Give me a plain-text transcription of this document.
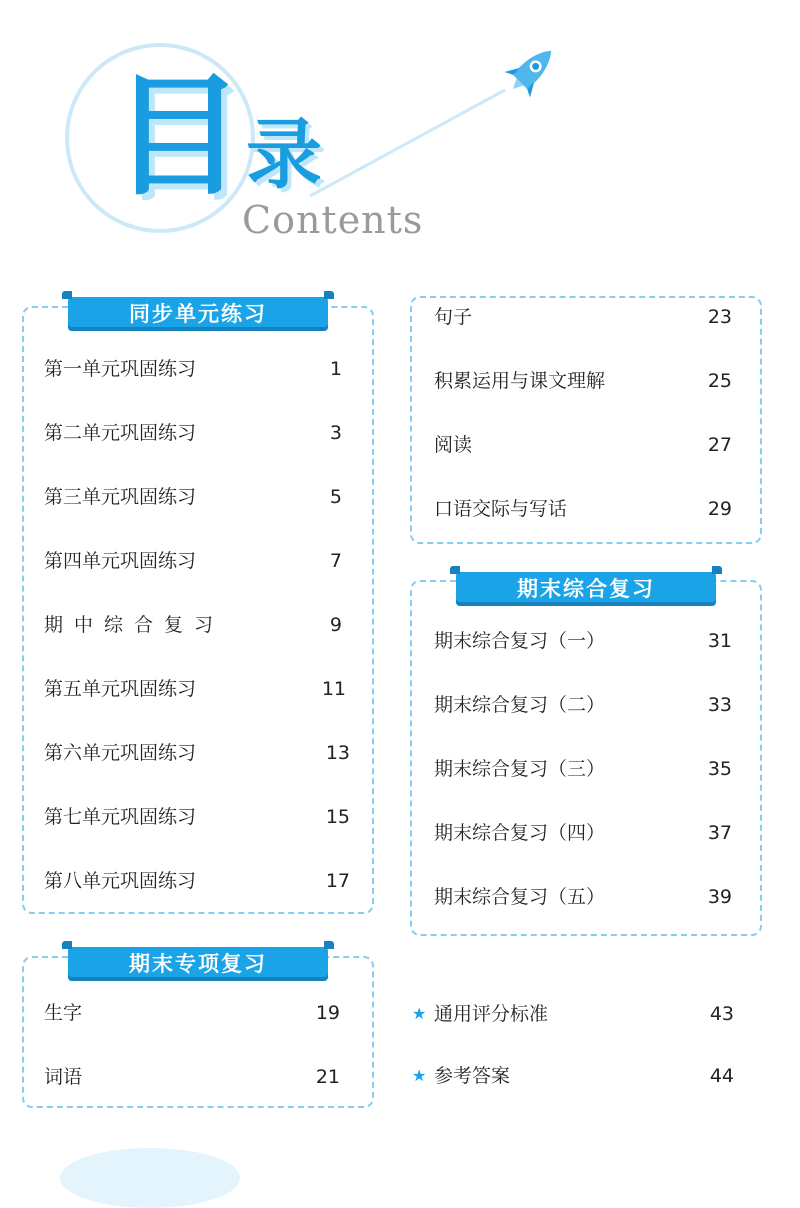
目 录
Contents
同步单元练习
第一单元巩固练习	1
第二单元巩固练习	3
第三单元巩固练习	5
第四单元巩固练习	7
期中综合复习	9
第五单元巩固练习	11
第六单元巩固练习	13
第七单元巩固练习	15
第八单元巩固练习	17
期末专项复习
生字	19
词语	21
句子	23
积累运用与课文理解	25
阅读	27
口语交际与写话	29
期末综合复习
期末综合复习（一）	31
期末综合复习（二）	33
期末综合复习（三）	35
期末综合复习（四）	37
期末综合复习（五）	39
★ 通用评分标准	43
★ 参考答案	44
